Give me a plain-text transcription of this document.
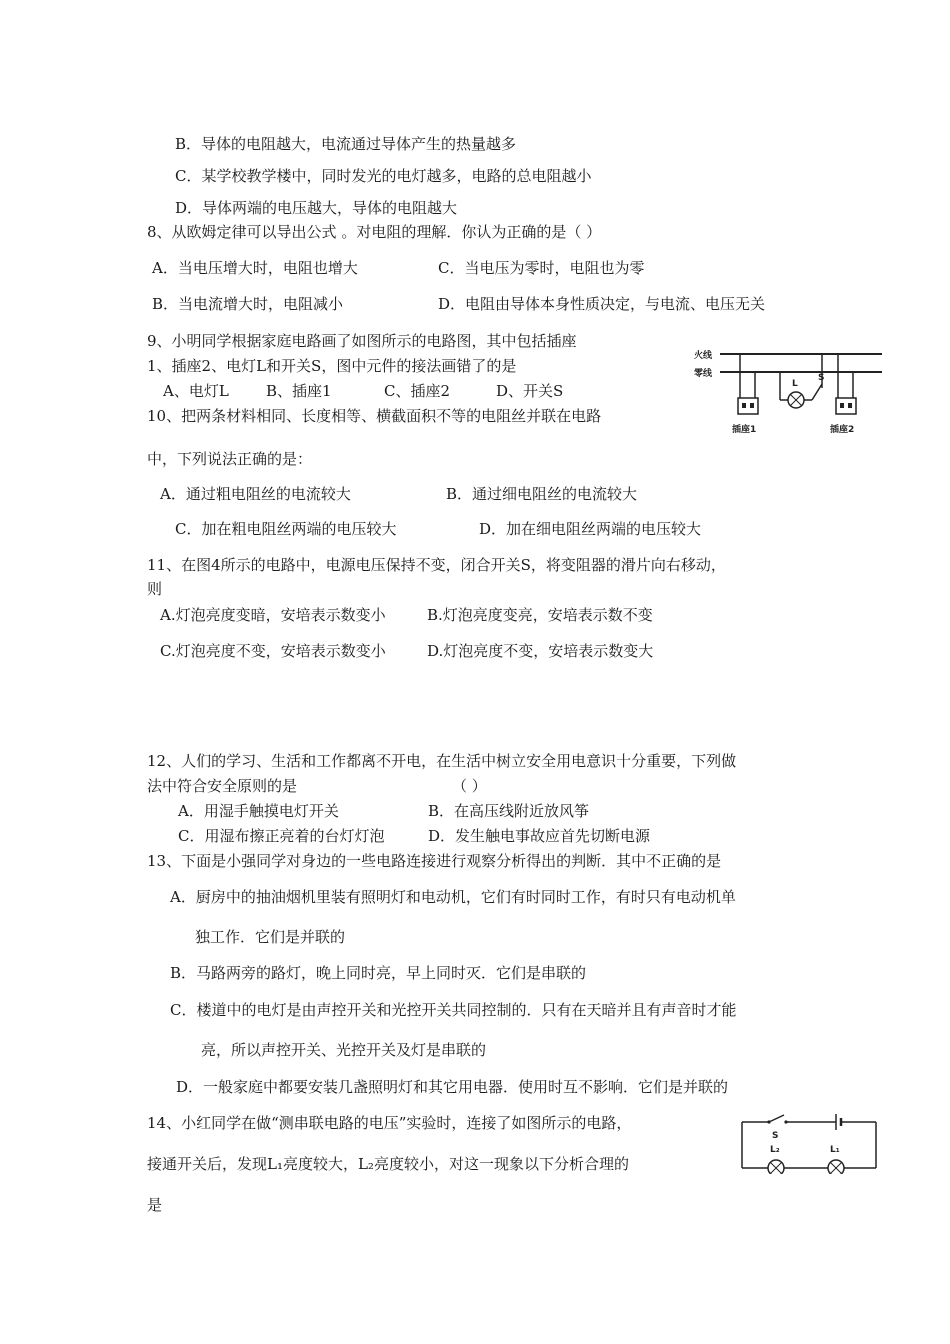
B．导体的电阻越大，电流通过导体产生的热量越多
C．某学校教学楼中，同时发光的电灯越多，电路的总电阻越小
D．导体两端的电压越大，导体的电阻越大
8、从欧姆定律可以导出公式 。对电阻的理解．你认为正确的是（ ）
A．当电压增大时，电阻也增大	C．当电压为零时，电阻也为零
B．当电流增大时，电阻减小	D．电阻由导体本身性质决定，与电流、电压无关
9、小明同学根据家庭电路画了如图所示的电路图，其中包括插座
1、插座2、电灯L和开关S，图中元件的接法画错了的是
A、电灯L B、插座1	C、插座2	D、开关S
火线
零线
插座1
L
S
插座2
10、把两条材料相同、长度相等、横截面积不等的电阻丝并联在电路
中，下列说法正确的是：
A．通过粗电阻丝的电流较大	B．通过细电阻丝的电流较大
C．加在粗电阻丝两端的电压较大	D．加在细电阻丝两端的电压较大
11、在图4所示的电路中，电源电压保持不变，闭合开关S，将变阻器的滑片向右移动，
则
A.灯泡亮度变暗，安培表示数变小	B.灯泡亮度变亮，安培表示数不变
C.灯泡亮度不变，安培表示数变小	D.灯泡亮度不变，安培表示数变大
12、人们的学习、生活和工作都离不开电，在生活中树立安全用电意识十分重要，下列做
法中符合安全原则的是	（ ）
A．用湿手触摸电灯开关	B．在高压线附近放风筝
C．用湿布擦正亮着的台灯灯泡	D．发生触电事故应首先切断电源
13、下面是小强同学对身边的一些电路连接进行观察分析得出的判断．其中不正确的是
A．厨房中的抽油烟机里装有照明灯和电动机，它们有时同时工作，有时只有电动机单
独工作．它们是并联的
B．马路两旁的路灯，晚上同时亮，早上同时灭．它们是串联的
C．楼道中的电灯是由声控开关和光控开关共同控制的．只有在天暗并且有声音时才能
亮，所以声控开关、光控开关及灯是串联的
D．一般家庭中都要安装几盏照明灯和其它用电器．使用时互不影响．它们是并联的
14、小红同学在做“测串联电路的电压”实验时，连接了如图所示的电路，
接通开关后，发现L₁亮度较大，L₂亮度较小，对这一现象以下分析合理的
是
S
L₂	L₁
